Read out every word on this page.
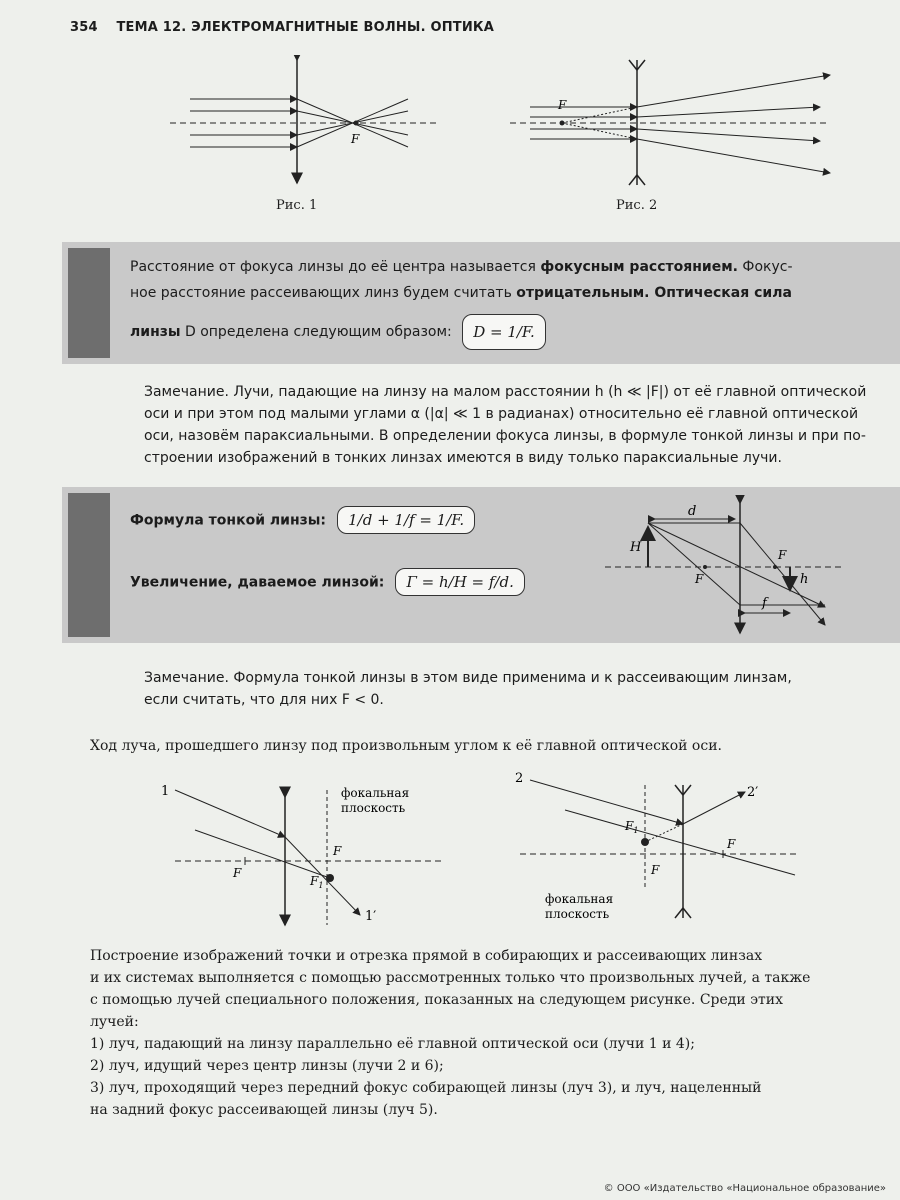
354 ТЕМА 12. ЭЛЕКТРОМАГНИТНЫЕ ВОЛНЫ. ОПТИКА
F
Рис. 1
F
Рис. 2
Расстояние от фокуса линзы до её центра называется фокусным расстоянием. Фокус-
ное расстояние рассеивающих линз будем считать отрицательным. Оптическая сила
линзы D определена следующим образом: D = 1/F.
Замечание. Лучи, падающие на линзу на малом расстоянии h (h ≪ |F|) от её главной оптической
оси и при этом под малыми углами α (|α| ≪ 1 в радианах) относительно её главной оптической
оси, назовём параксиальными. В определении фокуса линзы, в формуле тонкой линзы и при по-
строении изображений в тонких линзах имеются в виду только параксиальные лучи.
Формула тонкой линзы: 1/d + 1/f = 1/F.
Увеличение, даваемое линзой: Γ = h/H = f/d.
d
H	F
F	h
f
Замечание. Формула тонкой линзы в этом виде применима и к рассеивающим линзам,
если считать, что для них F < 0.
Ход луча, прошедшего линзу под произвольным углом к её главной оптической оси.
1
1′
фокальная
плоскость
F
F
$F_1$
2
2′
$F_1$
F
F
фокальная
плоскость
Построение изображений точки и отрезка прямой в собирающих и рассеивающих линзах
и их системах выполняется с помощью рассмотренных только что произвольных лучей, а также
с помощью лучей специального положения, показанных на следующем рисунке. Среди этих
лучей:
1) луч, падающий на линзу параллельно её главной оптической оси (лучи 1 и 4);
2) луч, идущий через центр линзы (лучи 2 и 6);
3) луч, проходящий через передний фокус собирающей линзы (луч 3), и луч, нацеленный
на задний фокус рассеивающей линзы (луч 5).
© ООО «Издательство «Национальное образование»
